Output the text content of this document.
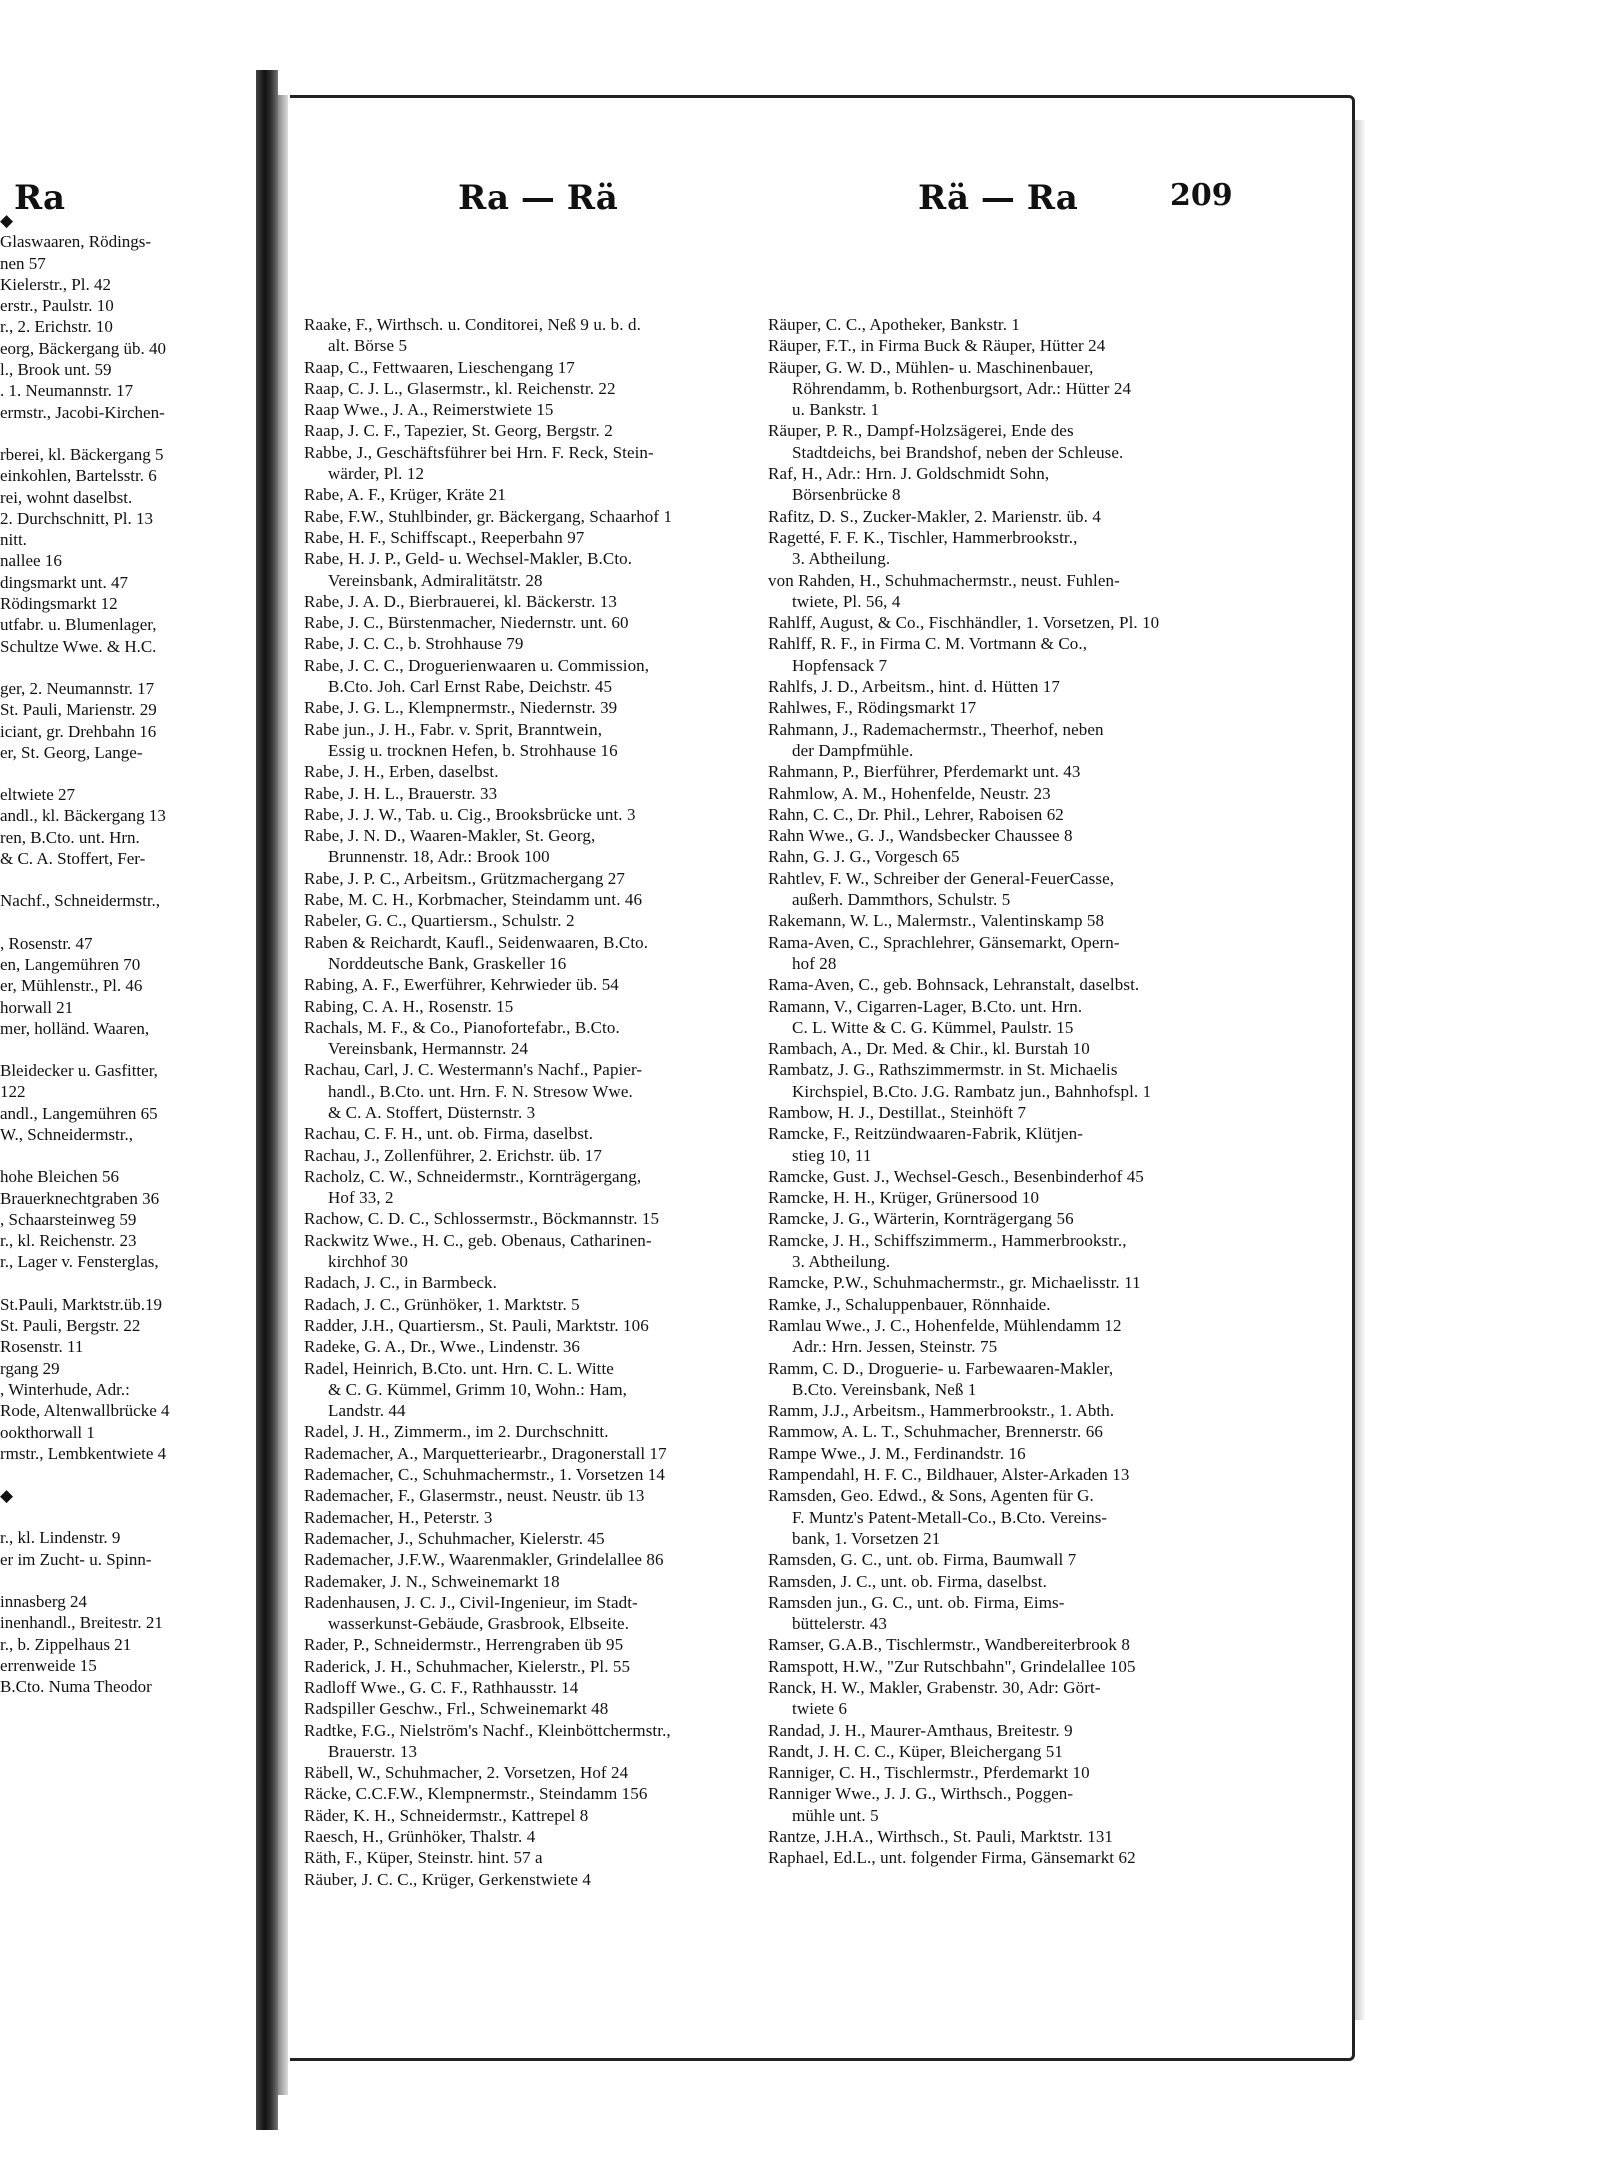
Ra
◆
Glaswaaren, Rödings-
nen 57
Kielerstr., Pl. 42
erstr., Paulstr. 10
r., 2. Erichstr. 10
eorg, Bäckergang üb. 40
l., Brook unt. 59
. 1. Neumannstr. 17
ermstr., Jacobi-Kirchen-
rberei, kl. Bäckergang 5
einkohlen, Bartelsstr. 6
rei, wohnt daselbst.
2. Durchschnitt, Pl. 13
nitt.
nallee 16
dingsmarkt unt. 47
Rödingsmarkt 12
utfabr. u. Blumenlager,
Schultze Wwe. & H.C.
ger, 2. Neumannstr. 17
St. Pauli, Marienstr. 29
iciant, gr. Drehbahn 16
er, St. Georg, Lange-
eltwiete 27
andl., kl. Bäckergang 13
ren, B.Cto. unt. Hrn.
& C. A. Stoffert, Fer-
Nachf., Schneidermstr.,
, Rosenstr. 47
en, Langemühren 70
er, Mühlenstr., Pl. 46
horwall 21
mer, holländ. Waaren,
Bleidecker u. Gasfitter,
122
andl., Langemühren 65
W., Schneidermstr.,
hohe Bleichen 56
Brauerknechtgraben 36
, Schaarsteinweg 59
r., kl. Reichenstr. 23
r., Lager v. Fensterglas,
St.Pauli, Marktstr.üb.19
St. Pauli, Bergstr. 22
Rosenstr. 11
rgang 29
, Winterhude, Adr.:
Rode, Altenwallbrücke 4
ookthorwall 1
rmstr., Lembkentwiete 4
◆
r., kl. Lindenstr. 9
er im Zucht- u. Spinn-
innasberg 24
inenhandl., Breitestr. 21
r., b. Zippelhaus 21
errenweide 15
B.Cto. Numa Theodor
Ra — Rä	Rä — Ra	209
Raake, F., Wirthsch. u. Conditorei, Neß 9 u. b. d.
alt. Börse 5
Raap, C., Fettwaaren, Lieschengang 17
Raap, C. J. L., Glasermstr., kl. Reichenstr. 22
Raap Wwe., J. A., Reimerstwiete 15
Raap, J. C. F., Tapezier, St. Georg, Bergstr. 2
Rabbe, J., Geschäftsführer bei Hrn. F. Reck, Stein-
wärder, Pl. 12
Rabe, A. F., Krüger, Kräte 21
Rabe, F.W., Stuhlbinder, gr. Bäckergang, Schaarhof 1
Rabe, H. F., Schiffscapt., Reeperbahn 97
Rabe, H. J. P., Geld- u. Wechsel-Makler, B.Cto.
Vereinsbank, Admiralitätstr. 28
Rabe, J. A. D., Bierbrauerei, kl. Bäckerstr. 13
Rabe, J. C., Bürstenmacher, Niedernstr. unt. 60
Rabe, J. C. C., b. Strohhause 79
Rabe, J. C. C., Droguerienwaaren u. Commission,
B.Cto. Joh. Carl Ernst Rabe, Deichstr. 45
Rabe, J. G. L., Klempnermstr., Niedernstr. 39
Rabe jun., J. H., Fabr. v. Sprit, Branntwein,
Essig u. trocknen Hefen, b. Strohhause 16
Rabe, J. H., Erben, daselbst.
Rabe, J. H. L., Brauerstr. 33
Rabe, J. J. W., Tab. u. Cig., Brooksbrücke unt. 3
Rabe, J. N. D., Waaren-Makler, St. Georg,
Brunnenstr. 18, Adr.: Brook 100
Rabe, J. P. C., Arbeitsm., Grützmachergang 27
Rabe, M. C. H., Korbmacher, Steindamm unt. 46
Rabeler, G. C., Quartiersm., Schulstr. 2
Raben & Reichardt, Kaufl., Seidenwaaren, B.Cto.
Norddeutsche Bank, Graskeller 16
Rabing, A. F., Ewerführer, Kehrwieder üb. 54
Rabing, C. A. H., Rosenstr. 15
Rachals, M. F., & Co., Pianofortefabr., B.Cto.
Vereinsbank, Hermannstr. 24
Rachau, Carl, J. C. Westermann's Nachf., Papier-
handl., B.Cto. unt. Hrn. F. N. Stresow Wwe.
& C. A. Stoffert, Düsternstr. 3
Rachau, C. F. H., unt. ob. Firma, daselbst.
Rachau, J., Zollenführer, 2. Erichstr. üb. 17
Racholz, C. W., Schneidermstr., Kornträgergang,
Hof 33, 2
Rachow, C. D. C., Schlossermstr., Böckmannstr. 15
Rackwitz Wwe., H. C., geb. Obenaus, Catharinen-
kirchhof 30
Radach, J. C., in Barmbeck.
Radach, J. C., Grünhöker, 1. Marktstr. 5
Radder, J.H., Quartiersm., St. Pauli, Marktstr. 106
Radeke, G. A., Dr., Wwe., Lindenstr. 36
Radel, Heinrich, B.Cto. unt. Hrn. C. L. Witte
& C. G. Kümmel, Grimm 10, Wohn.: Ham,
Landstr. 44
Radel, J. H., Zimmerm., im 2. Durchschnitt.
Rademacher, A., Marquetteriearbr., Dragonerstall 17
Rademacher, C., Schuhmachermstr., 1. Vorsetzen 14
Rademacher, F., Glasermstr., neust. Neustr. üb 13
Rademacher, H., Peterstr. 3
Rademacher, J., Schuhmacher, Kielerstr. 45
Rademacher, J.F.W., Waarenmakler, Grindelallee 86
Rademaker, J. N., Schweinemarkt 18
Radenhausen, J. C. J., Civil-Ingenieur, im Stadt-
wasserkunst-Gebäude, Grasbrook, Elbseite.
Rader, P., Schneidermstr., Herrengraben üb 95
Raderick, J. H., Schuhmacher, Kielerstr., Pl. 55
Radloff Wwe., G. C. F., Rathhausstr. 14
Radspiller Geschw., Frl., Schweinemarkt 48
Radtke, F.G., Nielström's Nachf., Kleinböttchermstr.,
Brauerstr. 13
Räbell, W., Schuhmacher, 2. Vorsetzen, Hof 24
Räcke, C.C.F.W., Klempnermstr., Steindamm 156
Räder, K. H., Schneidermstr., Kattrepel 8
Raesch, H., Grünhöker, Thalstr. 4
Räth, F., Küper, Steinstr. hint. 57 a
Räuber, J. C. C., Krüger, Gerkenstwiete 4
Räuper, C. C., Apotheker, Bankstr. 1
Räuper, F.T., in Firma Buck & Räuper, Hütter 24
Räuper, G. W. D., Mühlen- u. Maschinenbauer,
Röhrendamm, b. Rothenburgsort, Adr.: Hütter 24
u. Bankstr. 1
Räuper, P. R., Dampf-Holzsägerei, Ende des
Stadtdeichs, bei Brandshof, neben der Schleuse.
Raf, H., Adr.: Hrn. J. Goldschmidt Sohn,
Börsenbrücke 8
Rafitz, D. S., Zucker-Makler, 2. Marienstr. üb. 4
Ragetté, F. F. K., Tischler, Hammerbrookstr.,
3. Abtheilung.
von Rahden, H., Schuhmachermstr., neust. Fuhlen-
twiete, Pl. 56, 4
Rahlff, August, & Co., Fischhändler, 1. Vorsetzen, Pl. 10
Rahlff, R. F., in Firma C. M. Vortmann & Co.,
Hopfensack 7
Rahlfs, J. D., Arbeitsm., hint. d. Hütten 17
Rahlwes, F., Rödingsmarkt 17
Rahmann, J., Rademachermstr., Theerhof, neben
der Dampfmühle.
Rahmann, P., Bierführer, Pferdemarkt unt. 43
Rahmlow, A. M., Hohenfelde, Neustr. 23
Rahn, C. C., Dr. Phil., Lehrer, Raboisen 62
Rahn Wwe., G. J., Wandsbecker Chaussee 8
Rahn, G. J. G., Vorgesch 65
Rahtlev, F. W., Schreiber der General-FeuerCasse,
außerh. Dammthors, Schulstr. 5
Rakemann, W. L., Malermstr., Valentinskamp 58
Rama-Aven, C., Sprachlehrer, Gänsemarkt, Opern-
hof 28
Rama-Aven, C., geb. Bohnsack, Lehranstalt, daselbst.
Ramann, V., Cigarren-Lager, B.Cto. unt. Hrn.
C. L. Witte & C. G. Kümmel, Paulstr. 15
Rambach, A., Dr. Med. & Chir., kl. Burstah 10
Rambatz, J. G., Rathszimmermstr. in St. Michaelis
Kirchspiel, B.Cto. J.G. Rambatz jun., Bahnhofspl. 1
Rambow, H. J., Destillat., Steinhöft 7
Ramcke, F., Reitzündwaaren-Fabrik, Klütjen-
stieg 10, 11
Ramcke, Gust. J., Wechsel-Gesch., Besenbinderhof 45
Ramcke, H. H., Krüger, Grünersood 10
Ramcke, J. G., Wärterin, Kornträgergang 56
Ramcke, J. H., Schiffszimmerm., Hammerbrookstr.,
3. Abtheilung.
Ramcke, P.W., Schuhmachermstr., gr. Michaelisstr. 11
Ramke, J., Schaluppenbauer, Rönnhaide.
Ramlau Wwe., J. C., Hohenfelde, Mühlendamm 12
Adr.: Hrn. Jessen, Steinstr. 75
Ramm, C. D., Droguerie- u. Farbewaaren-Makler,
B.Cto. Vereinsbank, Neß 1
Ramm, J.J., Arbeitsm., Hammerbrookstr., 1. Abth.
Rammow, A. L. T., Schuhmacher, Brennerstr. 66
Rampe Wwe., J. M., Ferdinandstr. 16
Rampendahl, H. F. C., Bildhauer, Alster-Arkaden 13
Ramsden, Geo. Edwd., & Sons, Agenten für G.
F. Muntz's Patent-Metall-Co., B.Cto. Vereins-
bank, 1. Vorsetzen 21
Ramsden, G. C., unt. ob. Firma, Baumwall 7
Ramsden, J. C., unt. ob. Firma, daselbst.
Ramsden jun., G. C., unt. ob. Firma, Eims-
büttelerstr. 43
Ramser, G.A.B., Tischlermstr., Wandbereiterbrook 8
Ramspott, H.W., "Zur Rutschbahn", Grindelallee 105
Ranck, H. W., Makler, Grabenstr. 30, Adr: Gört-
twiete 6
Randad, J. H., Maurer-Amthaus, Breitestr. 9
Randt, J. H. C. C., Küper, Bleichergang 51
Ranniger, C. H., Tischlermstr., Pferdemarkt 10
Ranniger Wwe., J. J. G., Wirthsch., Poggen-
mühle unt. 5
Rantze, J.H.A., Wirthsch., St. Pauli, Marktstr. 131
Raphael, Ed.L., unt. folgender Firma, Gänsemarkt 62
